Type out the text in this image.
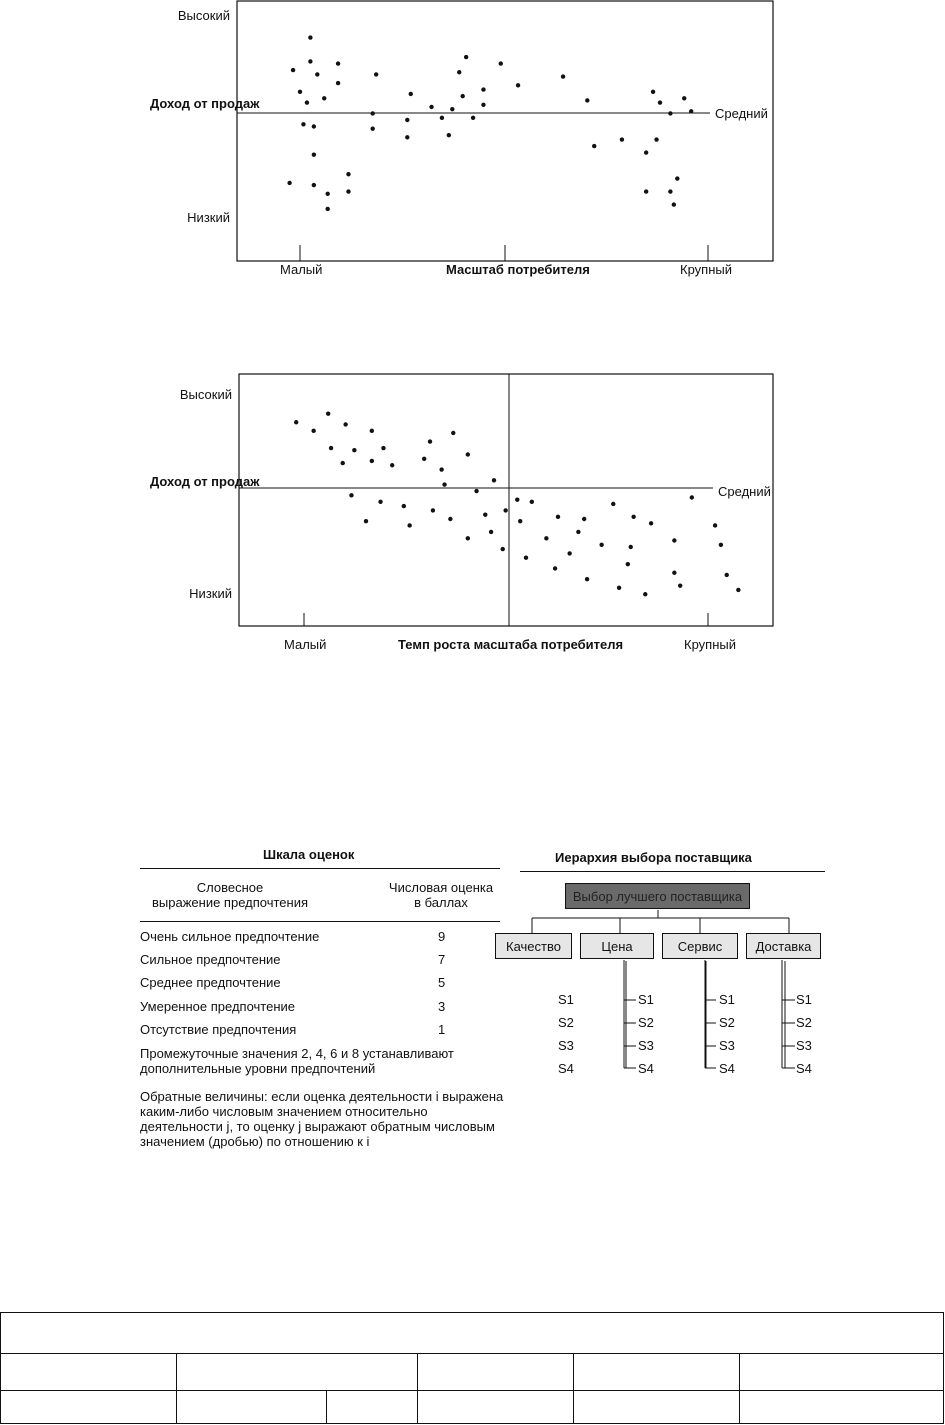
Высокий
Доход от продаж
Низкий
Средний
Малый	Масштаб потребителя	Крупный
Высокий
Доход от продаж
Низкий
Средний
Малый	Темп роста масштаба потребителя	Крупный
Шкала оценок
Словесное
выражение предпочтения
Числовая оценка
в баллах
Очень сильное предпочтение	9
Сильное предпочтение	7
Среднее предпочтение	5
Умеренное предпочтение	3
Отсутствие предпочтения	1
Промежуточные значения 2, 4, 6 и 8 устанавливают
дополнительные уровни предпочтений
Обратные величины: если оценка деятельности i выражена
каким-либо числовым значением относительно
деятельности j, то оценку j выражают обратным числовым
значением (дробью) по отношению к i
Иерархия выбора поставщика
Выбор лучшего поставщика
Качество	Цена	Сервис	Доставка
S1
S2
S3
S4
S1
S2
S3
S4
S1
S2
S3
S4
S1
S2
S3
S4
